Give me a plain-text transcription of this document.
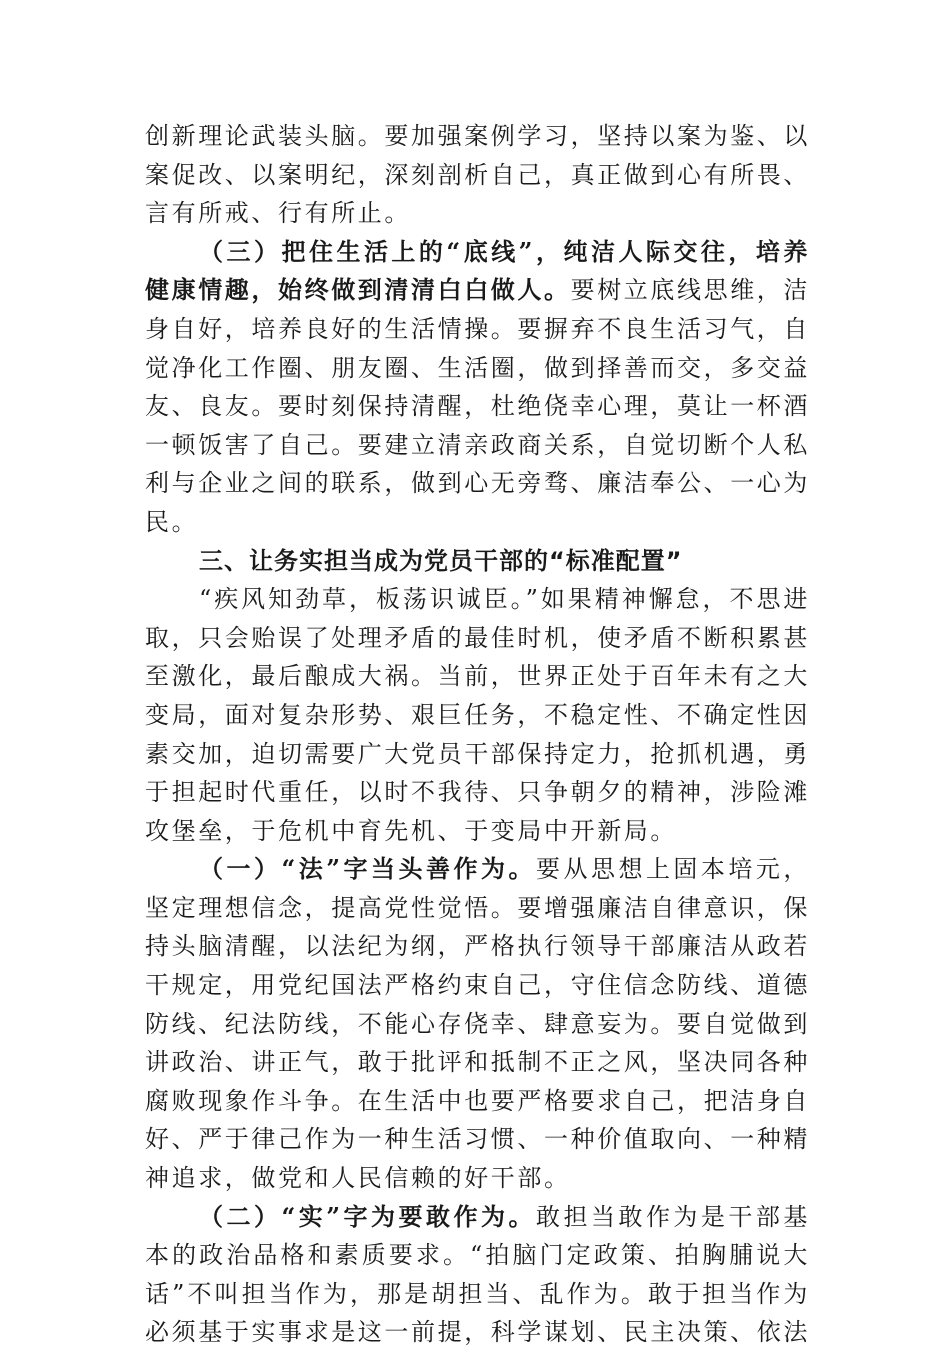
创新理论武装头脑。要加强案例学习，坚持以案为鉴、以案促改、以案明纪，深刻剖析自己，真正做到心有所畏、言有所戒、行有所止。

（三）把住生活上的“底线”，纯洁人际交往，培养健康情趣，始终做到清清白白做人。要树立底线思维，洁身自好，培养良好的生活情操。要摒弃不良生活习气，自觉净化工作圈、朋友圈、生活圈，做到择善而交，多交益友、良友。要时刻保持清醒，杜绝侥幸心理，莫让一杯酒一顿饭害了自己。要建立清亲政商关系，自觉切断个人私利与企业之间的联系，做到心无旁骛、廉洁奉公、一心为民。

三、让务实担当成为党员干部的“标准配置”

“疾风知劲草，板荡识诚臣。”如果精神懈怠，不思进取，只会贻误了处理矛盾的最佳时机，使矛盾不断积累甚至激化，最后酿成大祸。当前，世界正处于百年未有之大变局，面对复杂形势、艰巨任务，不稳定性、不确定性因素交加，迫切需要广大党员干部保持定力，抢抓机遇，勇于担起时代重任，以时不我待、只争朝夕的精神，涉险滩攻堡垒，于危机中育先机、于变局中开新局。

（一）“法”字当头善作为。要从思想上固本培元，坚定理想信念，提高党性觉悟。要增强廉洁自律意识，保持头脑清醒，以法纪为纲，严格执行领导干部廉洁从政若干规定，用党纪国法严格约束自己，守住信念防线、道德防线、纪法防线，不能心存侥幸、肆意妄为。要自觉做到讲政治、讲正气，敢于批评和抵制不正之风，坚决同各种腐败现象作斗争。在生活中也要严格要求自己，把洁身自好、严于律己作为一种生活习惯、一种价值取向、一种精神追求，做党和人民信赖的好干部。

（二）“实”字为要敢作为。敢担当敢作为是干部基本的政治品格和素质要求。“拍脑门定政策、拍胸脯说大话”不叫担当作为，那是胡担当、乱作为。敢于担当作为必须基于实事求是这一前提，科学谋划、民主决策、依法
